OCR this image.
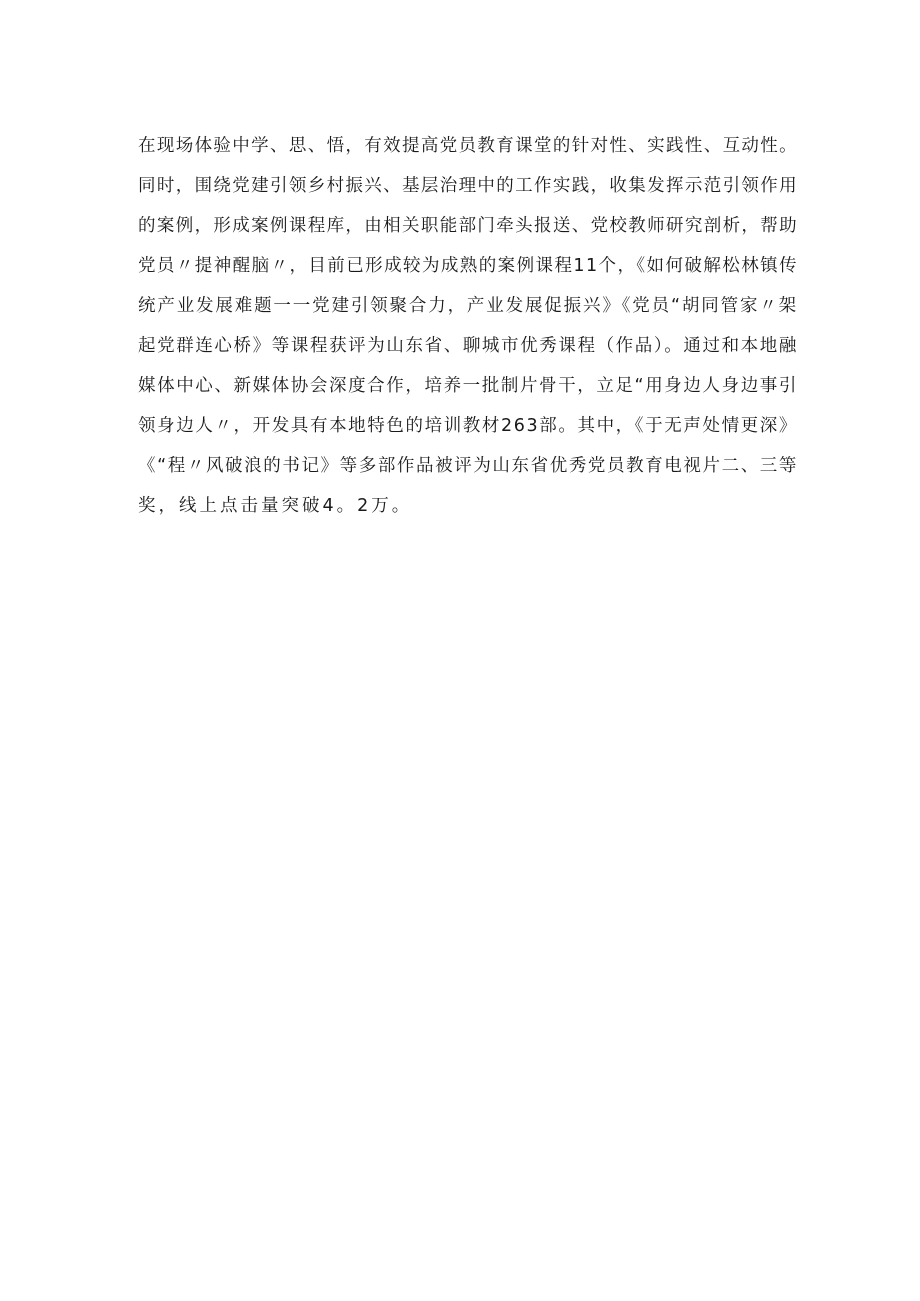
在现场体验中学、思、悟，有效提高党员教育课堂的针对性、实践性、互动性。
同时，围绕党建引领乡村振兴、基层治理中的工作实践，收集发挥示范引领作用
的案例，形成案例课程库，由相关职能部门牵头报送、党校教师研究剖析，帮助
党员〃提神醒脑〃，目前已形成较为成熟的案例课程11个，《如何破解松林镇传
统产业发展难题一一党建引领聚合力，产业发展促振兴》《党员“胡同管家〃架
起党群连心桥》等课程获评为山东省、聊城市优秀课程（作品）。通过和本地融
媒体中心、新媒体协会深度合作，培养一批制片骨干，立足“用身边人身边事引
领身边人〃，开发具有本地特色的培训教材263部。其中，《于无声处情更深》
《“程〃风破浪的书记》等多部作品被评为山东省优秀党员教育电视片二、三等
奖，线上点击量突破4。2万。
